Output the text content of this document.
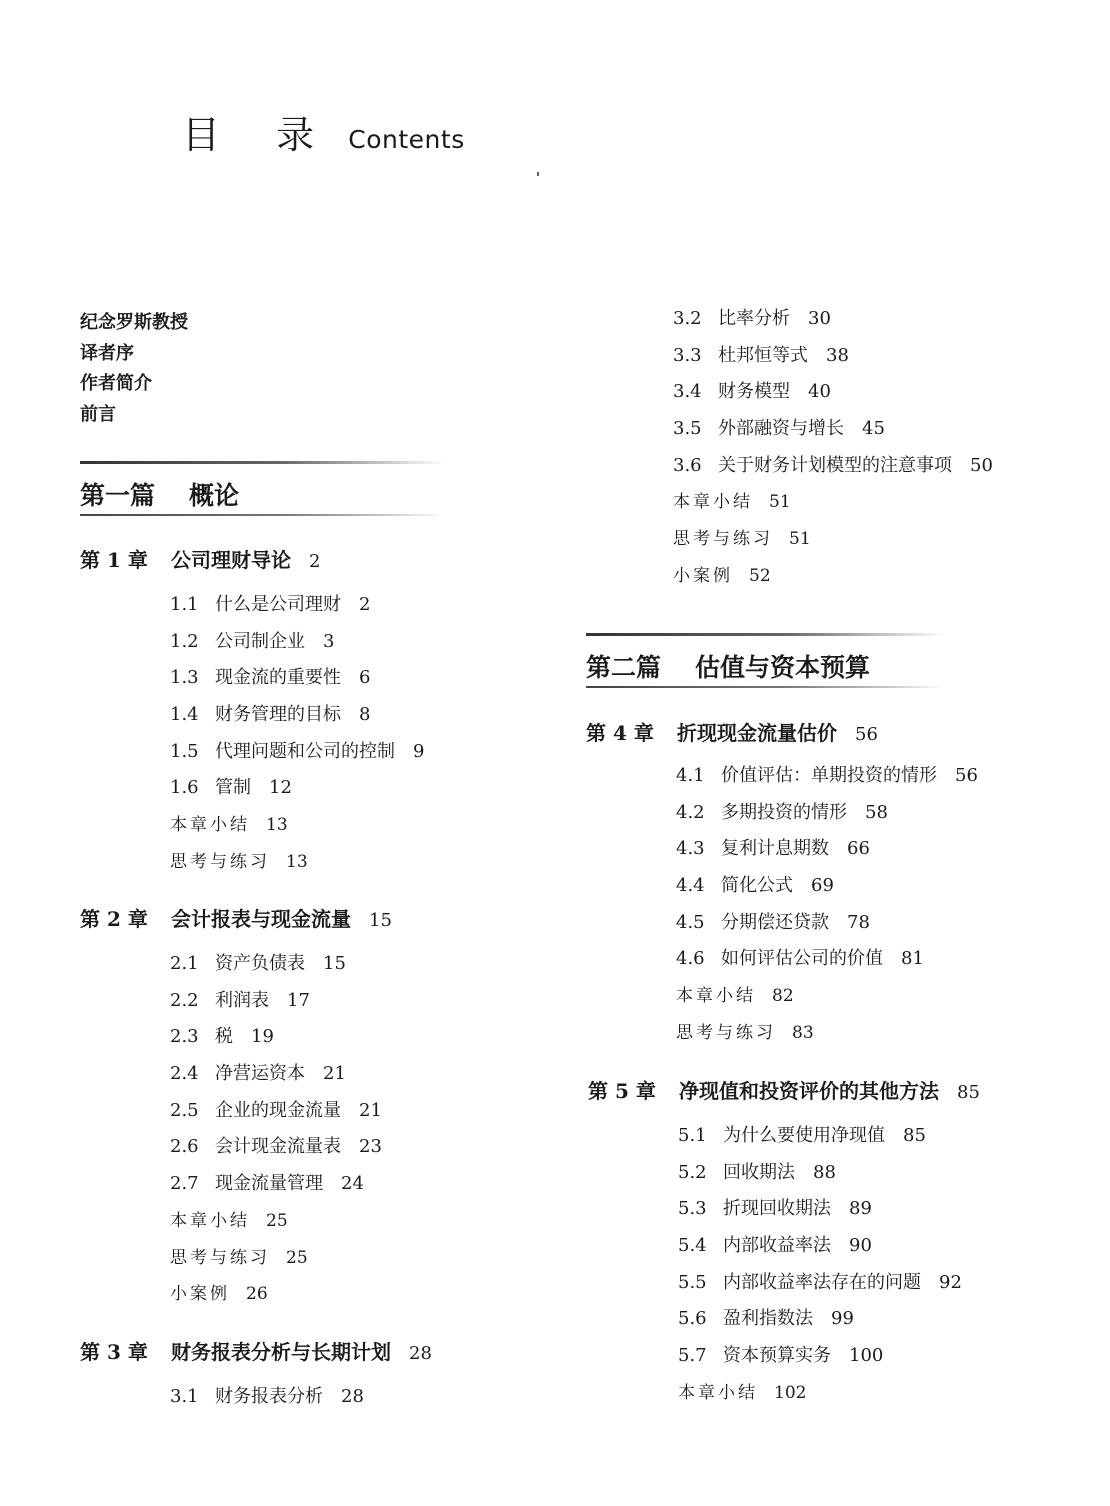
目 录 Contents
纪念罗斯教授
译者序
作者简介
前言
第一篇 概论
第 1 章 公司理财导论 2
1.1 什么是公司理财 2
1.2 公司制企业 3
1.3 现金流的重要性 6
1.4 财务管理的目标 8
1.5 代理问题和公司的控制 9
1.6 管制 12
本章小结 13
思考与练习 13
第 2 章 会计报表与现金流量 15
2.1 资产负债表 15
2.2 利润表 17
2.3 税 19
2.4 净营运资本 21
2.5 企业的现金流量 21
2.6 会计现金流量表 23
2.7 现金流量管理 24
本章小结 25
思考与练习 25
小案例 26
第 3 章 财务报表分析与长期计划 28
3.1 财务报表分析 28
3.2 比率分析 30
3.3 杜邦恒等式 38
3.4 财务模型 40
3.5 外部融资与增长 45
3.6 关于财务计划模型的注意事项 50
本章小结 51
思考与练习 51
小案例 52
第二篇 估值与资本预算
第 4 章 折现现金流量估价 56
4.1 价值评估：单期投资的情形 56
4.2 多期投资的情形 58
4.3 复利计息期数 66
4.4 简化公式 69
4.5 分期偿还贷款 78
4.6 如何评估公司的价值 81
本章小结 82
思考与练习 83
第 5 章 净现值和投资评价的其他方法 85
5.1 为什么要使用净现值 85
5.2 回收期法 88
5.3 折现回收期法 89
5.4 内部收益率法 90
5.5 内部收益率法存在的问题 92
5.6 盈利指数法 99
5.7 资本预算实务 100
本章小结 102
